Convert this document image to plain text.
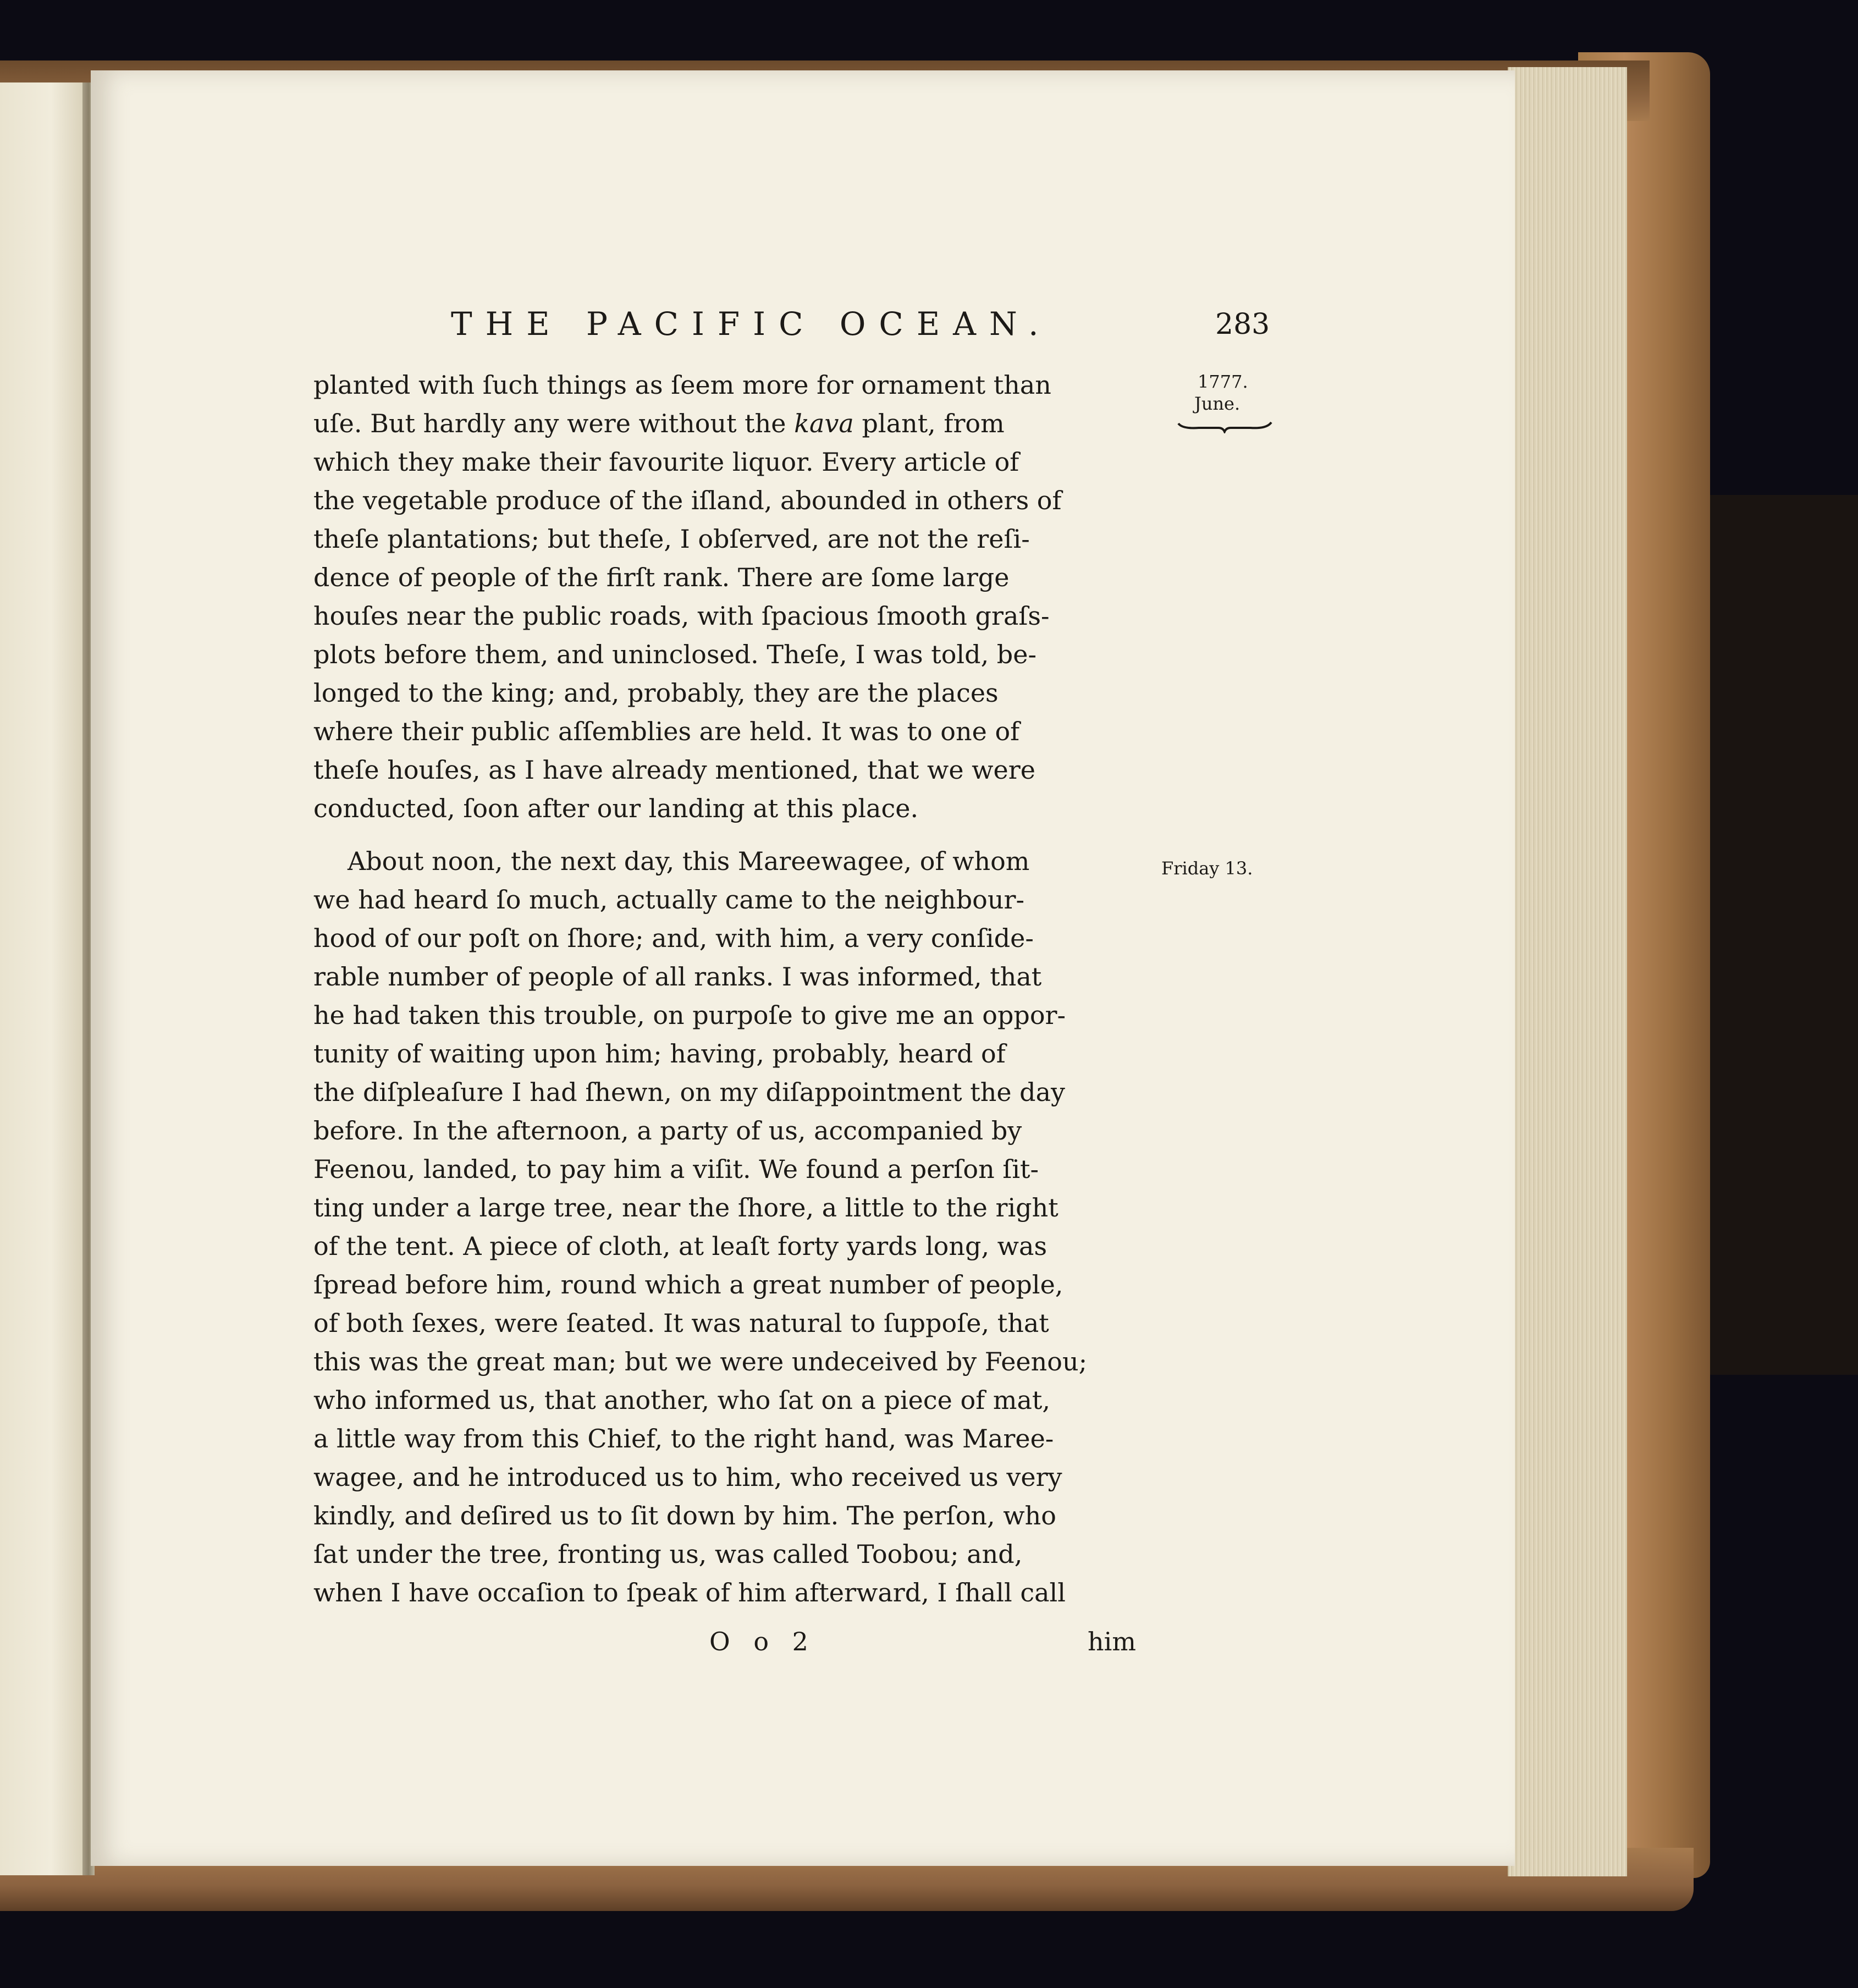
THE PACIFIC OCEAN.	283
1777.
June.
Friday 13.
planted with ſuch things as ſeem more for ornament than
uſe. But hardly any were without the kava plant, from
which they make their favourite liquor. Every article of
the vegetable produce of the iſland, abounded in others of
theſe plantations; but theſe, I obſerved, are not the reſi-
dence of people of the firſt rank. There are ſome large
houſes near the public roads, with ſpacious ſmooth graſs-
plots before them, and uninclosed. Theſe, I was told, be-
longed to the king; and, probably, they are the places
where their public aſſemblies are held. It was to one of
theſe houſes, as I have already mentioned, that we were
conducted, ſoon after our landing at this place.
About noon, the next day, this Mareewagee, of whom
we had heard ſo much, actually came to the neighbour-
hood of our poſt on ſhore; and, with him, a very conſide-
rable number of people of all ranks. I was informed, that
he had taken this trouble, on purpoſe to give me an oppor-
tunity of waiting upon him; having, probably, heard of
the diſpleaſure I had ſhewn, on my diſappointment the day
before. In the afternoon, a party of us, accompanied by
Feenou, landed, to pay him a viſit. We found a perſon ſit-
ting under a large tree, near the ſhore, a little to the right
of the tent. A piece of cloth, at leaſt forty yards long, was
ſpread before him, round which a great number of people,
of both ſexes, were ſeated. It was natural to ſuppoſe, that
this was the great man; but we were undeceived by Feenou;
who informed us, that another, who ſat on a piece of mat,
a little way from this Chief, to the right hand, was Maree-
wagee, and he introduced us to him, who received us very
kindly, and deſired us to ſit down by him. The perſon, who
ſat under the tree, fronting us, was called Toobou; and,
when I have occaſion to ſpeak of him afterward, I ſhall call
O o 2	him
